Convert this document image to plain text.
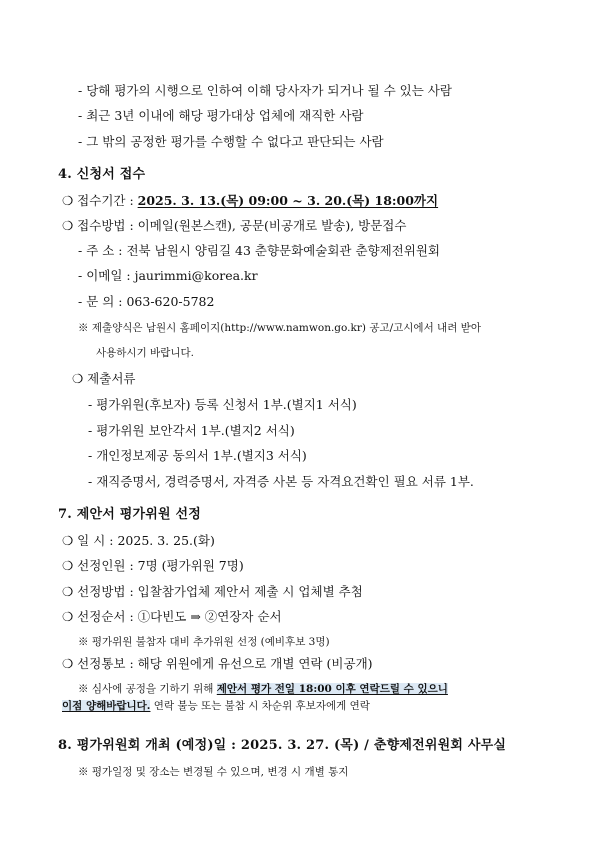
- 당해 평가의 시행으로 인하여 이해 당사자가 되거나 될 수 있는 사람
- 최근 3년 이내에 해당 평가대상 업체에 재직한 사람
- 그 밖의 공정한 평가를 수행할 수 없다고 판단되는 사람
4. 신청서 접수
❍ 접수기간 : 2025. 3. 13.(목) 09:00 ~ 3. 20.(목) 18:00까지
❍ 접수방법 : 이메일(원본스캔), 공문(비공개로 발송), 방문접수
- 주 소 : 전북 남원시 양림길 43 춘향문화예술회관 춘향제전위원회
- 이메일 : jaurimmi@korea.kr
- 문 의 : 063-620-5782
※ 제출양식은 남원시 홈페이지(http://www.namwon.go.kr) 공고/고시에서 내려 받아
사용하시기 바랍니다.
❍ 제출서류
- 평가위원(후보자) 등록 신청서 1부.(별지1 서식)
- 평가위원 보안각서 1부.(별지2 서식)
- 개인정보제공 동의서 1부.(별지3 서식)
- 재직증명서, 경력증명서, 자격증 사본 등 자격요건확인 필요 서류 1부.
7. 제안서 평가위원 선정
❍ 일 시 : 2025. 3. 25.(화)
❍ 선정인원 : 7명 (평가위원 7명)
❍ 선정방법 : 입찰참가업체 제안서 제출 시 업체별 추첨
❍ 선정순서 : ①다빈도 ⇒ ②연장자 순서
※ 평가위원 불참자 대비 추가위원 선정 (예비후보 3명)
❍ 선정통보 : 해당 위원에게 유선으로 개별 연락 (비공개)
※ 심사에 공정을 기하기 위해 제안서 평가 전일 18:00 이후 연락드릴 수 있으니
이점 양해바랍니다. 연락 불능 또는 불참 시 차순위 후보자에게 연락
8. 평가위원회 개최 (예정)일 : 2025. 3. 27. (목) / 춘향제전위원회 사무실
※ 평가일정 및 장소는 변경될 수 있으며, 변경 시 개별 통지
